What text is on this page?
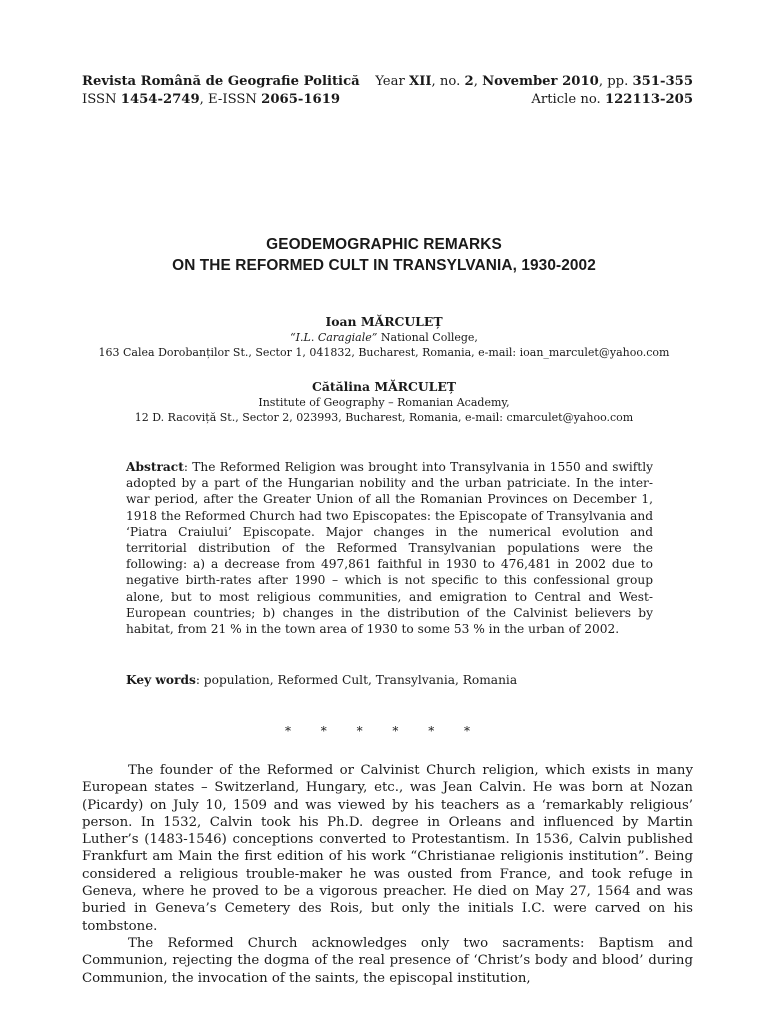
Revista Română de Geografie Politică Year XII, no. 2, November 2010, pp. 351-355
ISSN 1454-2749, E-ISSN 2065-1619	Article no. 122113-205
GEODEMOGRAPHIC REMARKS
ON THE REFORMED CULT IN TRANSYLVANIA, 1930-2002
Ioan MĂRCULEȚ
“I.L. Caragiale” National College,
163 Calea Dorobanților St., Sector 1, 041832, Bucharest, Romania, e-mail: ioan_marculet@yahoo.com
Cătălina MĂRCULEȚ
Institute of Geography – Romanian Academy,
12 D. Racoviță St., Sector 2, 023993, Bucharest, Romania, e-mail: cmarculet@yahoo.com
Abstract: The Reformed Religion was brought into Transylvania in 1550 and swiftly adopted by a part of the Hungarian nobility and the urban patriciate. In the inter-war period, after the Greater Union of all the Romanian Provinces on December 1, 1918 the Reformed Church had two Episcopates: the Episcopate of Transylvania and ‘Piatra Craiului’ Episcopate. Major changes in the numerical evolution and territorial distribution of the Reformed Transylvanian populations were the following: a) a decrease from 497,861 faithful in 1930 to 476,481 in 2002 due to negative birth-rates after 1990 – which is not specific to this confessional group alone, but to most religious communities, and emigration to Central and West-European countries; b) changes in the distribution of the Calvinist believers by habitat, from 21 % in the town area of 1930 to some 53 % in the urban of 2002.
Key words: population, Reformed Cult, Transylvania, Romania
* * * * * *

The founder of the Reformed or Calvinist Church religion, which exists in many European states – Switzerland, Hungary, etc., was Jean Calvin. He was born at Nozan (Picardy) on July 10, 1509 and was viewed by his teachers as a ‘remarkably religious’ person. In 1532, Calvin took his Ph.D. degree in Orleans and influenced by Martin Luther’s (1483-1546) conceptions converted to Protestantism. In 1536, Calvin published Frankfurt am Main the first edition of his work “Christianae religionis institution”. Being considered a religious trouble-maker he was ousted from France, and took refuge in Geneva, where he proved to be a vigorous preacher. He died on May 27, 1564 and was buried in Geneva’s Cemetery des Rois, but only the initials I.C. were carved on his tombstone.

The Reformed Church acknowledges only two sacraments: Baptism and Communion, rejecting the dogma of the real presence of ‘Christ’s body and blood’ during Communion, the invocation of the saints, the episcopal institution,
